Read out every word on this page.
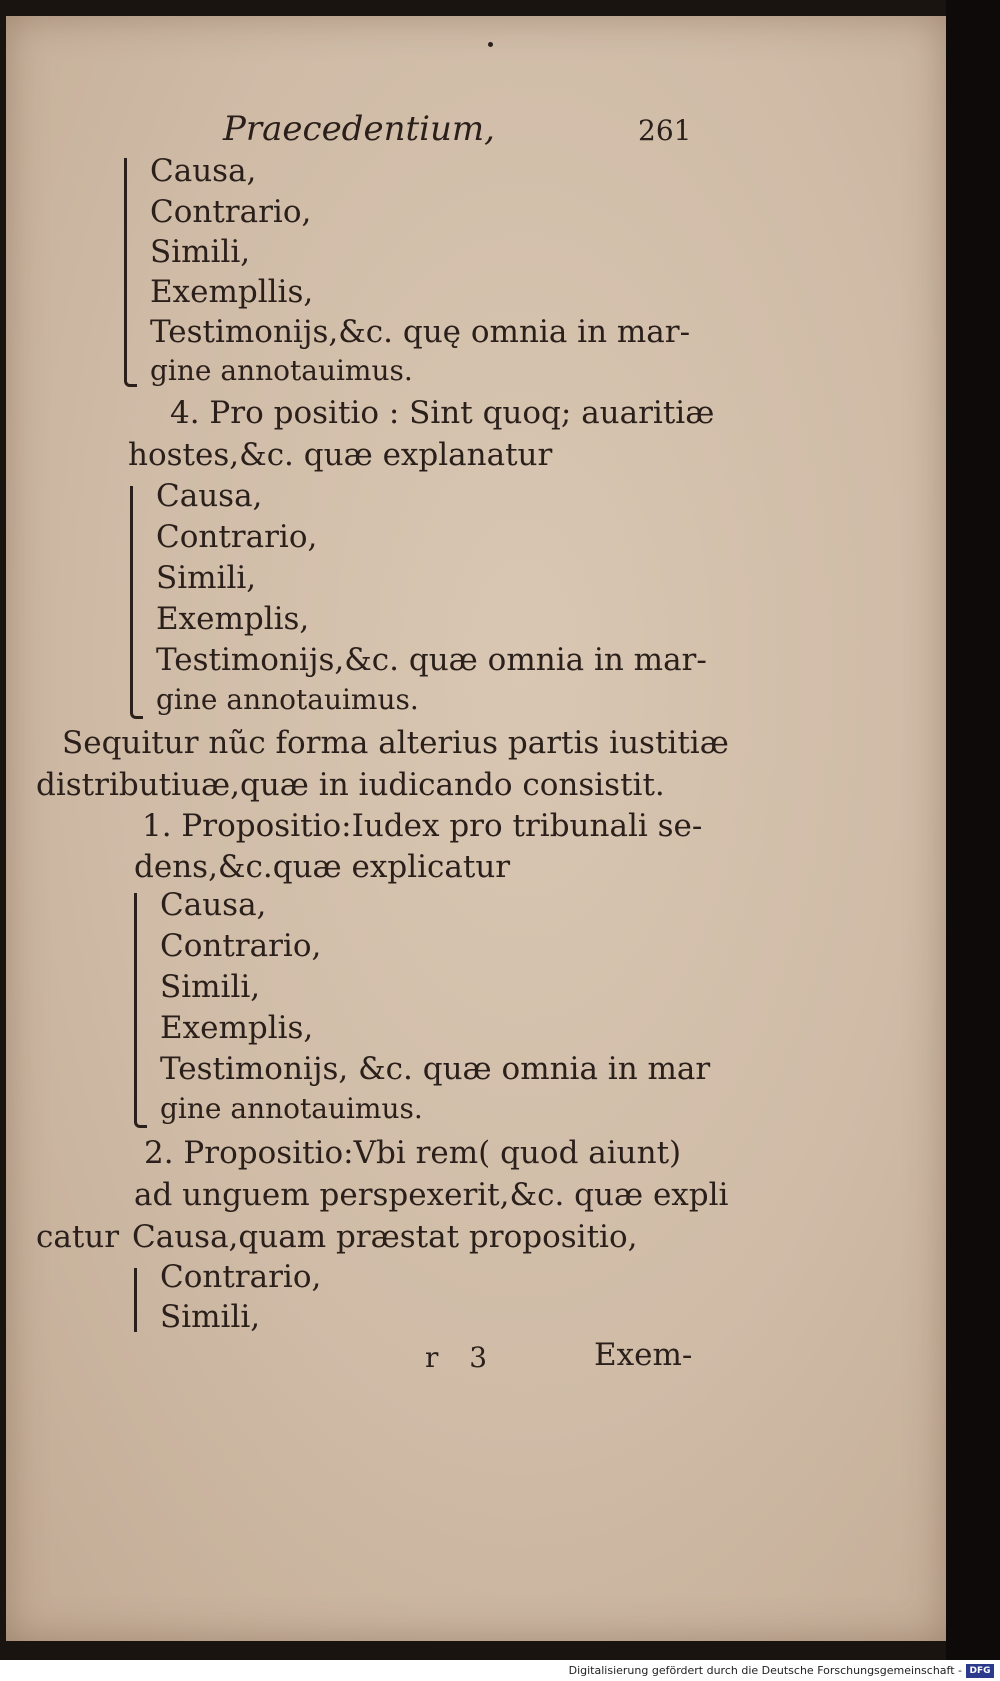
Praecedentium,	261
Causa,
Contrario,
Simili,
Exempllis,
Testimonijs,&c. quę omnia in mar-
gine annotauimus.
4. Pro positio : Sint quoq; auaritiæ
hostes,&c. quæ explanatur
Causa,
Contrario,
Simili,
Exemplis,
Testimonijs,&c. quæ omnia in mar-
gine annotauimus.
Sequitur nũc forma alterius partis iustitiæ
distributiuæ,quæ in iudicando consistit.
1. Propositio:Iudex pro tribunali se-
dens,&c.quæ explicatur
Causa,
Contrario,
Simili,
Exemplis,
Testimonijs, &c. quæ omnia in mar
gine annotauimus.
2. Propositio:Vbi rem( quod aiunt)
ad unguem perspexerit,&c. quæ expli
catur Causa,quam præstat propositio,
Contrario,
Simili,
r 3	Exem-
Digitalisierung gefördert durch die Deutsche Forschungsgemeinschaft - DFG
